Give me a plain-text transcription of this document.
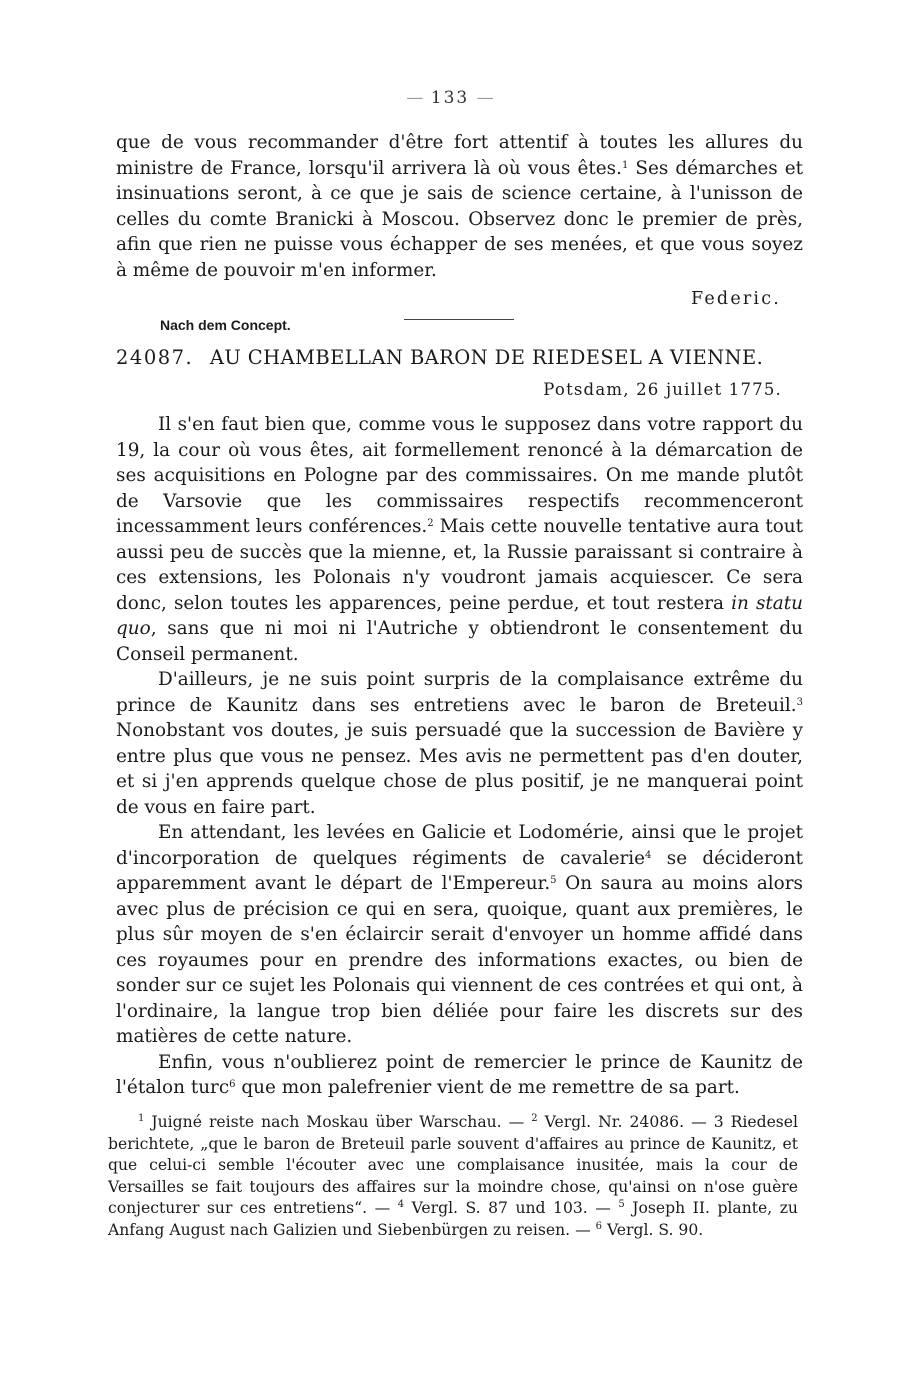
— 133 —

que de vous recommander d'être fort attentif à toutes les allures du ministre de France, lorsqu'il arrivera là où vous êtes.$^1$ Ses démarches et insinuations seront, à ce que je sais de science certaine, à l'unisson de celles du comte Branicki à Moscou. Observez donc le premier de près, afin que rien ne puisse vous échapper de ses menées, et que vous soyez à même de pouvoir m'en informer.

Nach dem Concept.
Federic.
24087. AU CHAMBELLAN BARON DE RIEDESEL A VIENNE.
Potsdam, 26 juillet 1775.

Il s'en faut bien que, comme vous le supposez dans votre rapport du 19, la cour où vous êtes, ait formellement renoncé à la démarcation de ses acquisitions en Pologne par des commissaires. On me mande plutôt de Varsovie que les commissaires respectifs recommenceront incessamment leurs conférences.$^2$ Mais cette nouvelle tentative aura tout aussi peu de succès que la mienne, et, la Russie paraissant si contraire à ces extensions, les Polonais n'y voudront jamais acquiescer. Ce sera donc, selon toutes les apparences, peine perdue, et tout restera in statu quo, sans que ni moi ni l'Autriche y obtiendront le consentement du Conseil permanent.

D'ailleurs, je ne suis point surpris de la complaisance extrême du prince de Kaunitz dans ses entretiens avec le baron de Breteuil.$^3$ Nonobstant vos doutes, je suis persuadé que la succession de Bavière y entre plus que vous ne pensez. Mes avis ne permettent pas d'en douter, et si j'en apprends quelque chose de plus positif, je ne manquerai point de vous en faire part.

En attendant, les levées en Galicie et Lodomérie, ainsi que le projet d'incorporation de quelques régiments de cavalerie$^4$ se décideront apparemment avant le départ de l'Empereur.$^5$ On saura au moins alors avec plus de précision ce qui en sera, quoique, quant aux premières, le plus sûr moyen de s'en éclaircir serait d'envoyer un homme affidé dans ces royaumes pour en prendre des informations exactes, ou bien de sonder sur ce sujet les Polonais qui viennent de ces contrées et qui ont, à l'ordinaire, la langue trop bien déliée pour faire les discrets sur des matières de cette nature.

Enfin, vous n'oublierez point de remercier le prince de Kaunitz de l'étalon turc$^6$ que mon palefrenier vient de me remettre de sa part.

$^1$ Juigné reiste nach Moskau über Warschau. — $^2$ Vergl. Nr. 24086. — 3 Riedesel berichtete, „que le baron de Breteuil parle souvent d'affaires au prince de Kaunitz, et que celui-ci semble l'écouter avec une complaisance inusitée, mais la cour de Versailles se fait toujours des affaires sur la moindre chose, qu'ainsi on n'ose guère conjecturer sur ces entretiens“. — $^4$ Vergl. S. 87 und 103. — $^5$ Joseph II. plante, zu Anfang August nach Galizien und Siebenbürgen zu reisen. — $^6$ Vergl. S. 90.
